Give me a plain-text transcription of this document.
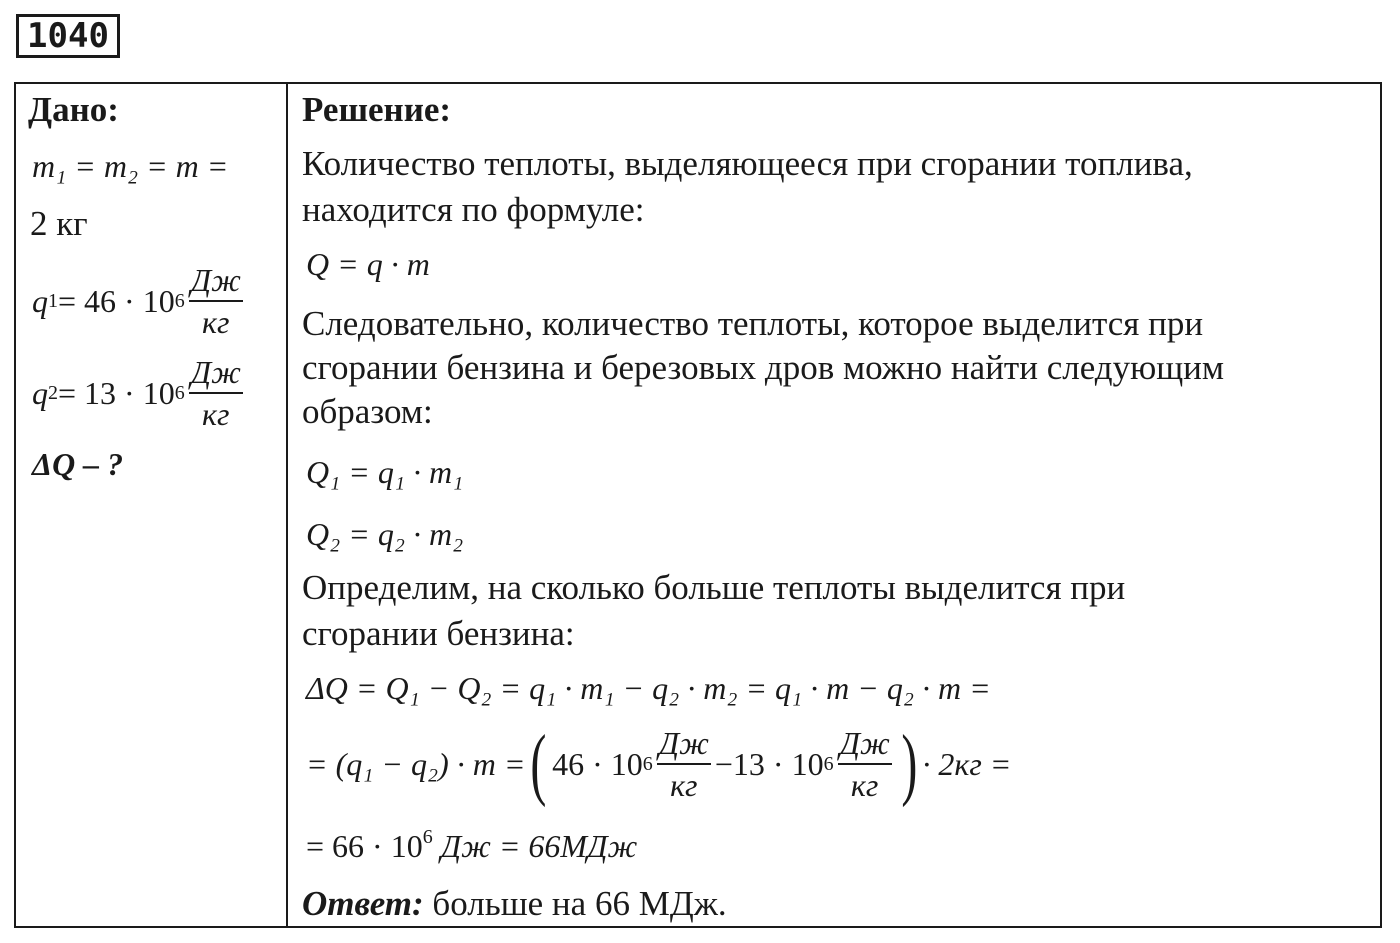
1040
Дано:
m₁ = m₂ = m =
2 кг
q 1 = 46 · 10 $6 \frac{Дж}{кг}$
q 2 = 13 · 10 $6 \frac{Дж}{кг}$
ΔQ – ?
Решение:
Количество теплоты, выделяющееся при сгорании топлива,
находится по формуле:
Q = q · m
Следовательно, количество теплоты, которое выделится при
сгорании бензина и березовых дров можно найти следующим
образом:
Q₁ = q₁ · m₁
Q₂ = q₂ · m₂
Определим, на сколько больше теплоты выделится при
сгорании бензина:
ΔQ = Q₁ − Q₂ = q₁ · m₁ − q₂ · m₂ = q₁ · m − q₂ · m =
= (q₁ − q₂) · m = ( 46 · 10 $6 \frac{Дж}{кг} -13 \cdot 10$ $6 \frac{Дж}{кг}$ ) · 2кг =
= $66 \cdot 10^6$ Дж = 66МДж
Ответ: больше на 66 МДж.
